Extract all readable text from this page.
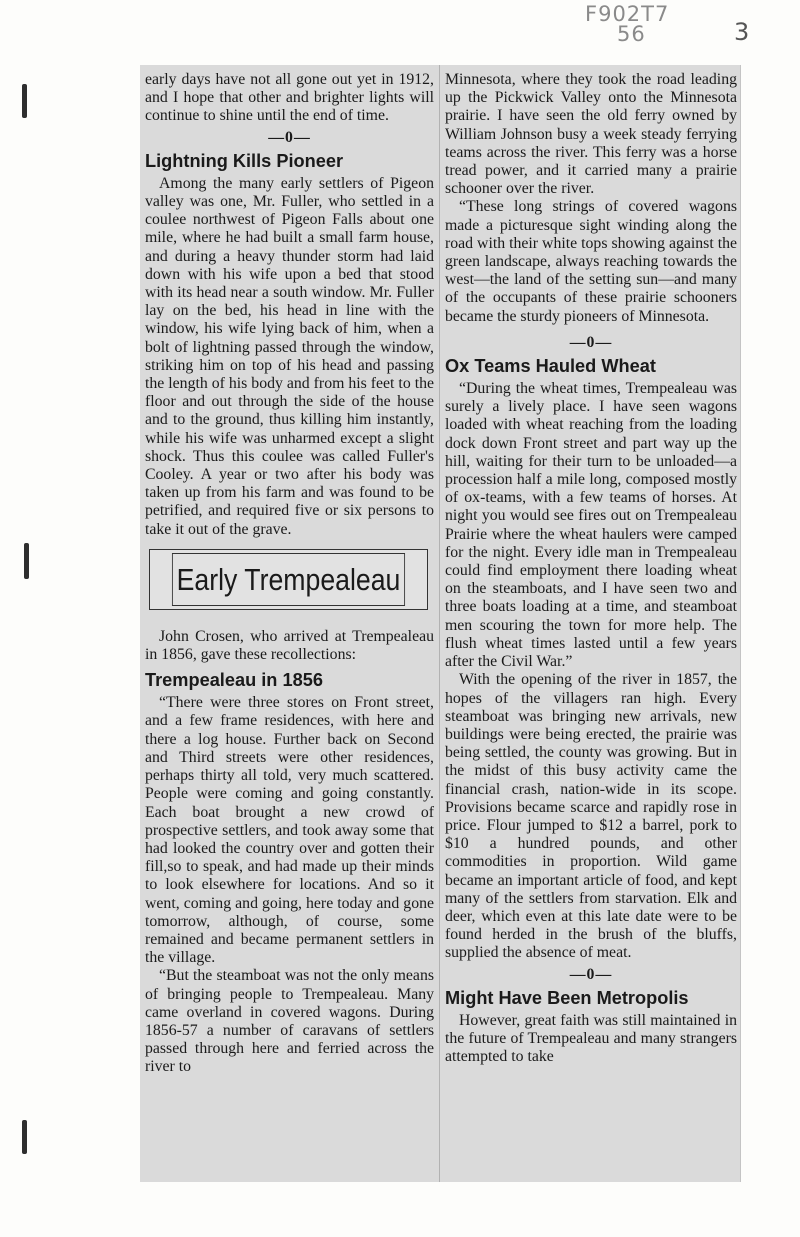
F902T7
56	3

early days have not all gone out yet in 1912, and I hope that other and brighter lights will continue to shine until the end of time.

—0—

Lightning Kills Pioneer

Among the many early settlers of Pigeon valley was one, Mr. Fuller, who settled in a coulee northwest of Pigeon Falls about one mile, where he had built a small farm house, and during a heavy thunder storm had laid down with his wife upon a bed that stood with its head near a south window. Mr. Fuller lay on the bed, his head in line with the window, his wife lying back of him, when a bolt of lightning passed through the window, striking him on top of his head and passing the length of his body and from his feet to the floor and out through the side of the house and to the ground, thus killing him instantly, while his wife was unharmed except a slight shock. Thus this coulee was called Fuller's Cooley. A year or two after his body was taken up from his farm and was found to be petrified, and required five or six persons to take it out of the grave.

Early Trempealeau

John Crosen, who arrived at Trempealeau in 1856, gave these recollections:

Trempealeau in 1856

“There were three stores on Front street, and a few frame residences, with here and there a log house. Further back on Second and Third streets were other residences, perhaps thirty all told, very much scattered. People were coming and going constantly. Each boat brought a new crowd of prospective settlers, and took away some that had looked the country over and gotten their fill,so to speak, and had made up their minds to look elsewhere for locations. And so it went, coming and going, here today and gone tomorrow, although, of course, some remained and became permanent settlers in the village.

“But the steamboat was not the only means of bringing people to Trempealeau. Many came overland in covered wagons. During 1856-57 a number of caravans of settlers passed through here and ferried across the river to

Minnesota, where they took the road leading up the Pickwick Valley onto the Minnesota prairie. I have seen the old ferry owned by William Johnson busy a week steady ferrying teams across the river. This ferry was a horse tread power, and it carried many a prairie schooner over the river.

“These long strings of covered wagons made a picturesque sight winding along the road with their white tops showing against the green landscape, always reaching towards the west—the land of the setting sun—and many of the occupants of these prairie schooners became the sturdy pioneers of Minnesota.

—0—

Ox Teams Hauled Wheat

“During the wheat times, Trempealeau was surely a lively place. I have seen wagons loaded with wheat reaching from the loading dock down Front street and part way up the hill, waiting for their turn to be unloaded—a procession half a mile long, composed mostly of ox-teams, with a few teams of horses. At night you would see fires out on Trempealeau Prairie where the wheat haulers were camped for the night. Every idle man in Trempealeau could find employment there loading wheat on the steamboats, and I have seen two and three boats loading at a time, and steamboat men scouring the town for more help. The flush wheat times lasted until a few years after the Civil War.”

With the opening of the river in 1857, the hopes of the villagers ran high. Every steamboat was bringing new arrivals, new buildings were being erected, the prairie was being settled, the county was growing. But in the midst of this busy activity came the financial crash, nation-wide in its scope. Provisions became scarce and rapidly rose in price. Flour jumped to $12 a barrel, pork to $10 a hundred pounds, and other commodities in proportion. Wild game became an important article of food, and kept many of the settlers from starvation. Elk and deer, which even at this late date were to be found herded in the brush of the bluffs, supplied the absence of meat.

—0—

Might Have Been Metropolis

However, great faith was still maintained in the future of Trempealeau and many strangers attempted to take
